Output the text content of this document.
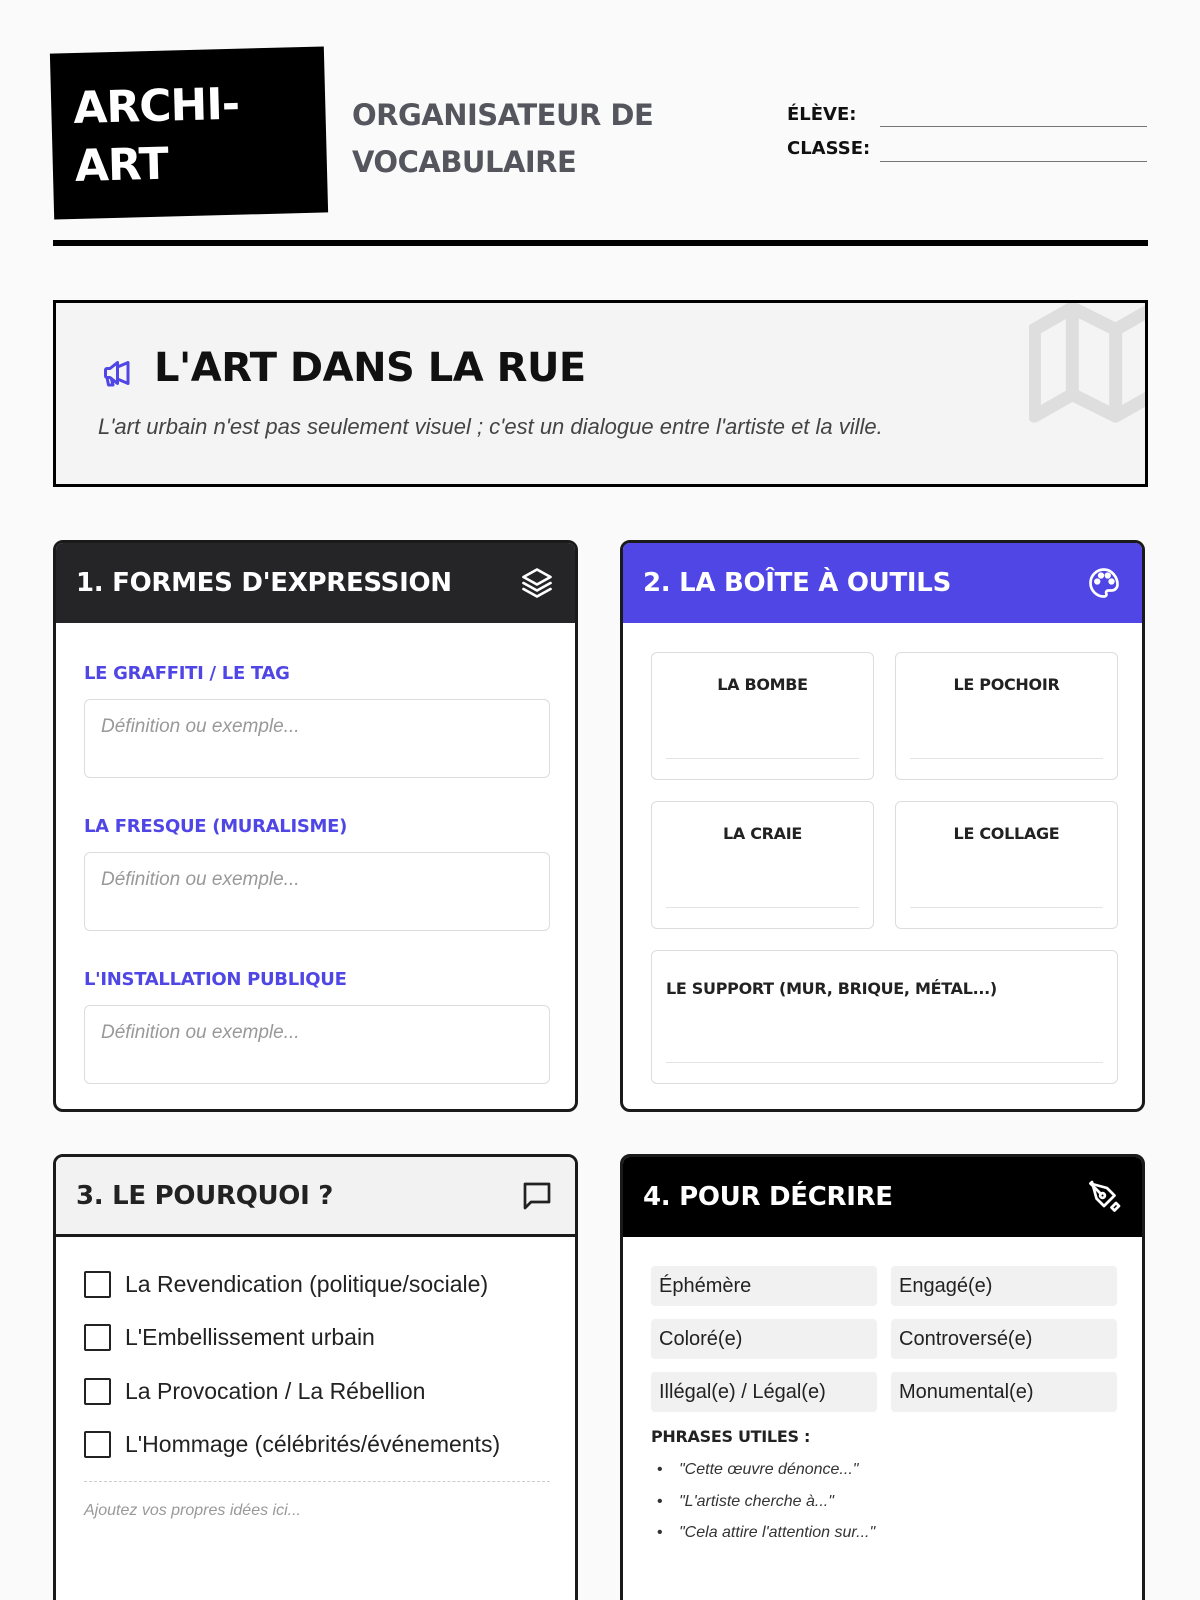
ARCHI-
ART
ORGANISATEUR DE
VOCABULAIRE
ÉLÈVE:
CLASSE:
L'ART DANS LA RUE
L'art urbain n'est pas seulement visuel ; c'est un dialogue entre l'artiste et la ville.
1. FORMES D'EXPRESSION
LE GRAFFITI / LE TAG
Définition ou exemple...
LA FRESQUE (MURALISME)
Définition ou exemple...
L'INSTALLATION PUBLIQUE
Définition ou exemple...
2. LA BOÎTE À OUTILS
LA BOMBE	LE POCHOIR
LA CRAIE	LE COLLAGE
LE SUPPORT (MUR, BRIQUE, MÉTAL...)
3. LE POURQUOI ?
La Revendication (politique/sociale)
L'Embellissement urbain
La Provocation / La Rébellion
L'Hommage (célébrités/événements)
Ajoutez vos propres idées ici...
4. POUR DÉCRIRE
Éphémère	Engagé(e)
Coloré(e)	Controversé(e)
Illégal(e) / Légal(e)	Monumental(e)
PHRASES UTILES :
• "Cette œuvre dénonce..."
• "L'artiste cherche à..."
• "Cela attire l'attention sur..."
